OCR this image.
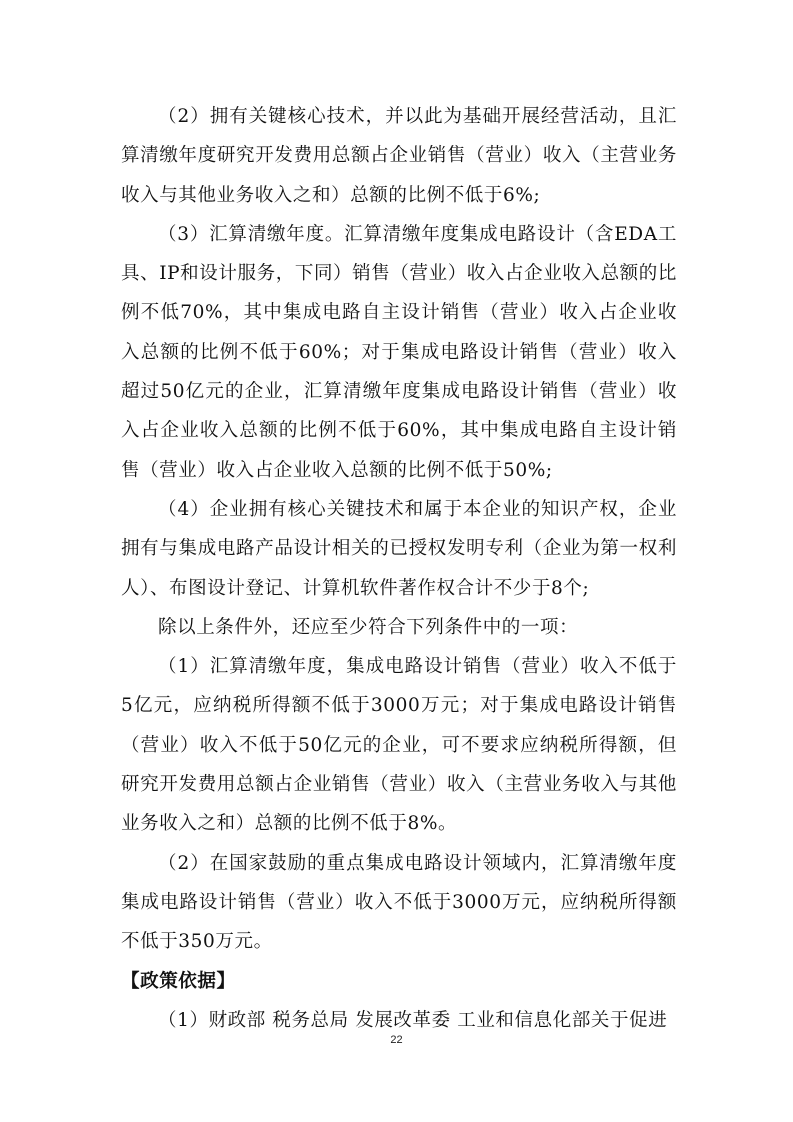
（2）拥有关键核心技术，并以此为基础开展经营活动，且汇算清缴年度研究开发费用总额占企业销售（营业）收入（主营业务收入与其他业务收入之和）总额的比例不低于6%;

（3）汇算清缴年度。汇算清缴年度集成电路设计（含EDA工具、IP和设计服务，下同）销售（营业）收入占企业收入总额的比例不低70%，其中集成电路自主设计销售（营业）收入占企业收入总额的比例不低于60%；对于集成电路设计销售（营业）收入超过50亿元的企业，汇算清缴年度集成电路设计销售（营业）收入占企业收入总额的比例不低于60%，其中集成电路自主设计销售（营业）收入占企业收入总额的比例不低于50%;

（4）企业拥有核心关键技术和属于本企业的知识产权，企业拥有与集成电路产品设计相关的已授权发明专利（企业为第一权利人）、布图设计登记、计算机软件著作权合计不少于8个;

除以上条件外，还应至少符合下列条件中的一项：

（1）汇算清缴年度，集成电路设计销售（营业）收入不低于5亿元，应纳税所得额不低于3000万元；对于集成电路设计销售（营业）收入不低于50亿元的企业，可不要求应纳税所得额，但研究开发费用总额占企业销售（营业）收入（主营业务收入与其他业务收入之和）总额的比例不低于8%。

（2）在国家鼓励的重点集成电路设计领域内，汇算清缴年度集成电路设计销售（营业）收入不低于3000万元，应纳税所得额不低于350万元。

【政策依据】

（1）财政部 税务总局 发展改革委 工业和信息化部关于促进

22
